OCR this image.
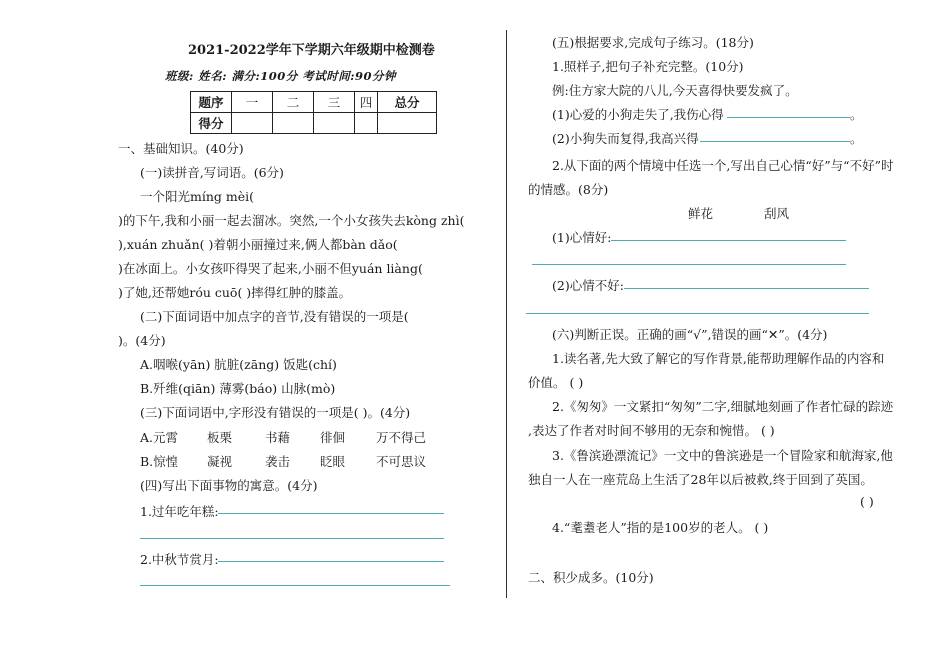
2021-2022学年下学期六年级期中检测卷
班级: 姓名: 满分:100分 考试时间:90分钟
题序	一	二	三	四	总分
得分					
一、基础知识。(40分)
(一)读拼音,写词语。(6分)
一个阳光míng mèi(
)的下午,我和小丽一起去溜冰。突然,一个小女孩失去kòng zhì(
),xuán zhuǎn( )着朝小丽撞过来,俩人都bàn dǎo(
)在冰面上。小女孩吓得哭了起来,小丽不但yuán liàng(
)了她,还帮她róu cuō( )摔得红肿的膝盖。
(二)下面词语中加点字的音节,没有错误的一项是(
)。(4分)
A.咽喉(yān) 肮脏(zāng) 饭匙(chí)
B.歼维(qiān) 薄雾(báo) 山脉(mò)
(三)下面词语中,字形没有错误的一项是( )。(4分)
A.元霄 板栗	书藉 徘佪 万不得己
B.惊惶 凝视	袭击 眨眼 不可思议
(四)写出下面事物的寓意。(4分)
1.过年吃年糕:
2.中秋节赏月:
(五)根据要求,完成句子练习。(18分)
1.照样子,把句子补充完整。(10分)
例:住方家大院的八儿,今天喜得快要发疯了。
(1)心爱的小狗走失了,我伤心得	。
(2)小狗失而复得,我高兴得	。
2.从下面的两个情境中任选一个,写出自己心情“好”与“不好”时
的情感。(8分)
鲜花	刮风
(1)心情好:
(2)心情不好:
(六)判断正误。正确的画“√”,错误的画“✕”。(4分)
1.读名著,先大致了解它的写作背景,能帮助理解作品的内容和
价值。 ( )
2.《匆匆》一文紧扣“匆匆”二字,细腻地刻画了作者忙碌的踪迹
,表达了作者对时间不够用的无奈和惋惜。 ( )
3.《鲁滨逊漂流记》一文中的鲁滨逊是一个冒险家和航海家,他
独自一人在一座荒岛上生活了28年以后被救,终于回到了英国。
( )
4.“耄耋老人”指的是100岁的老人。 ( )
二、积少成多。(10分)
